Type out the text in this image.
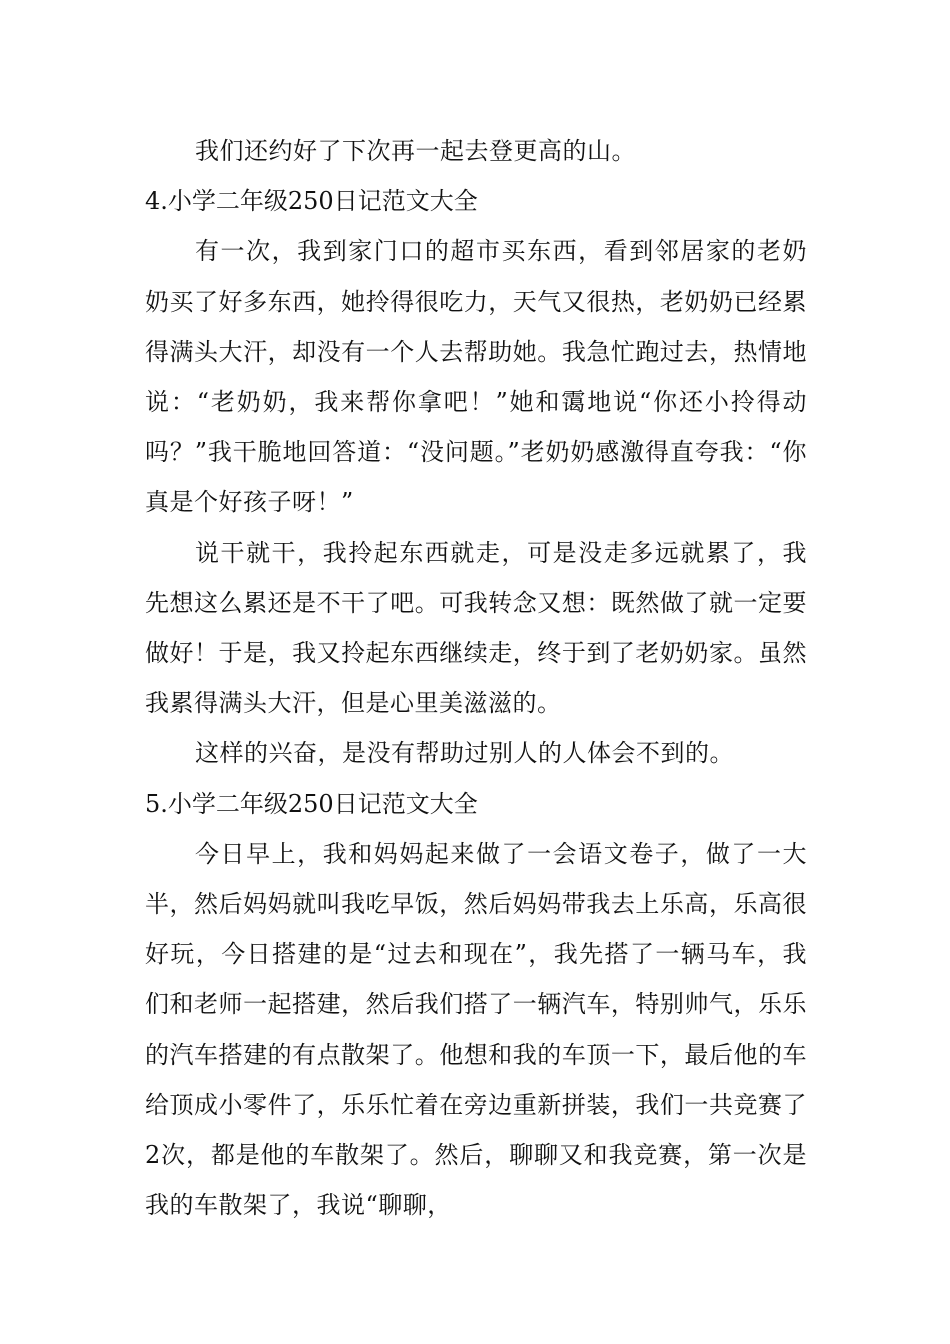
我们还约好了下次再一起去登更高的山。

4.小学二年级250日记范文大全

有一次，我到家门口的超市买东西，看到邻居家的老奶奶买了好多东西，她拎得很吃力，天气又很热，老奶奶已经累得满头大汗，却没有一个人去帮助她。我急忙跑过去，热情地说：“老奶奶，我来帮你拿吧！”她和霭地说“你还小拎得动吗？”我干脆地回答道：“没问题。”老奶奶感激得直夸我：“你真是个好孩子呀！”

说干就干，我拎起东西就走，可是没走多远就累了，我先想这么累还是不干了吧。可我转念又想：既然做了就一定要做好！于是，我又拎起东西继续走，终于到了老奶奶家。虽然我累得满头大汗，但是心里美滋滋的。

这样的兴奋，是没有帮助过别人的人体会不到的。

5.小学二年级250日记范文大全

今日早上，我和妈妈起来做了一会语文卷子，做了一大半，然后妈妈就叫我吃早饭，然后妈妈带我去上乐高，乐高很好玩，今日搭建的是“过去和现在”，我先搭了一辆马车，我们和老师一起搭建，然后我们搭了一辆汽车，特别帅气，乐乐的汽车搭建的有点散架了。他想和我的车顶一下，最后他的车给顶成小零件了，乐乐忙着在旁边重新拼装，我们一共竞赛了2次，都是他的车散架了。然后，聊聊又和我竞赛，第一次是我的车散架了，我说“聊聊，
